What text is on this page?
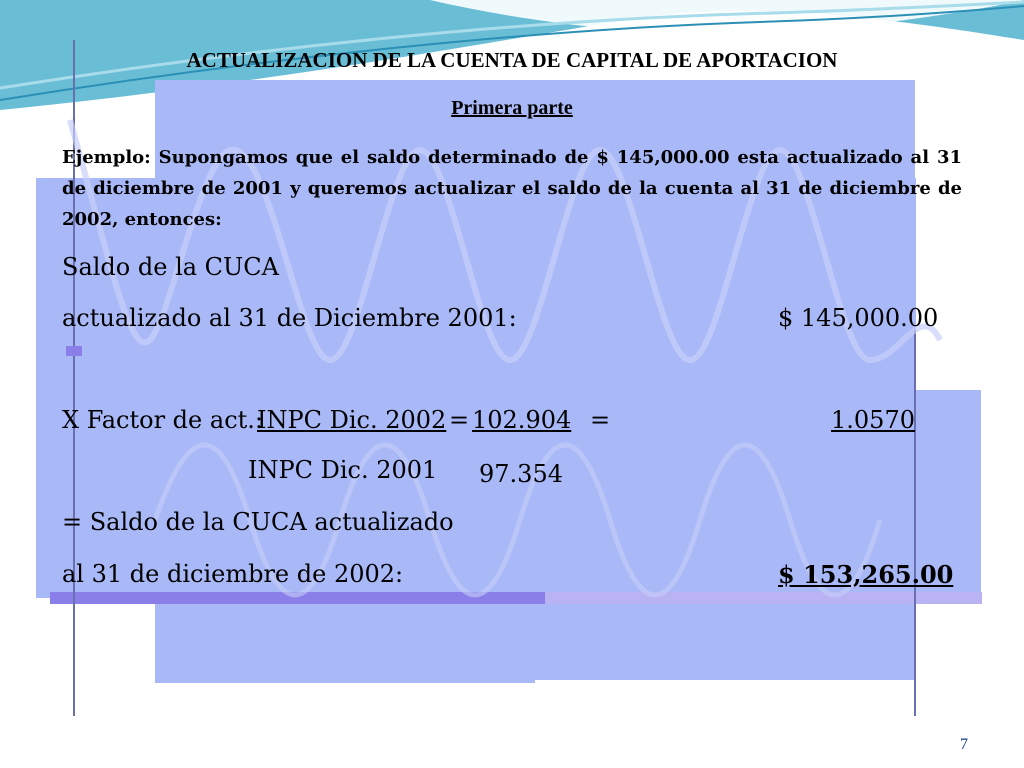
ACTUALIZACION DE LA CUENTA DE CAPITAL DE APORTACION
Primera parte
Ejemplo: Supongamos que el saldo determinado de $ 145,000.00 esta actualizado al 31 de diciembre de 2001 y queremos actualizar el saldo de la cuenta al 31 de diciembre de 2002, entonces:
Saldo de la CUCA
actualizado al 31 de Diciembre 2001:	$ 145,000.00
X Factor de act.:
INPC Dic. 2002 = 102.904 =	1.0570
INPC Dic. 2001 97.354
= Saldo de la CUCA actualizado
al 31 de diciembre de 2002:	$ 153,265.00
7
